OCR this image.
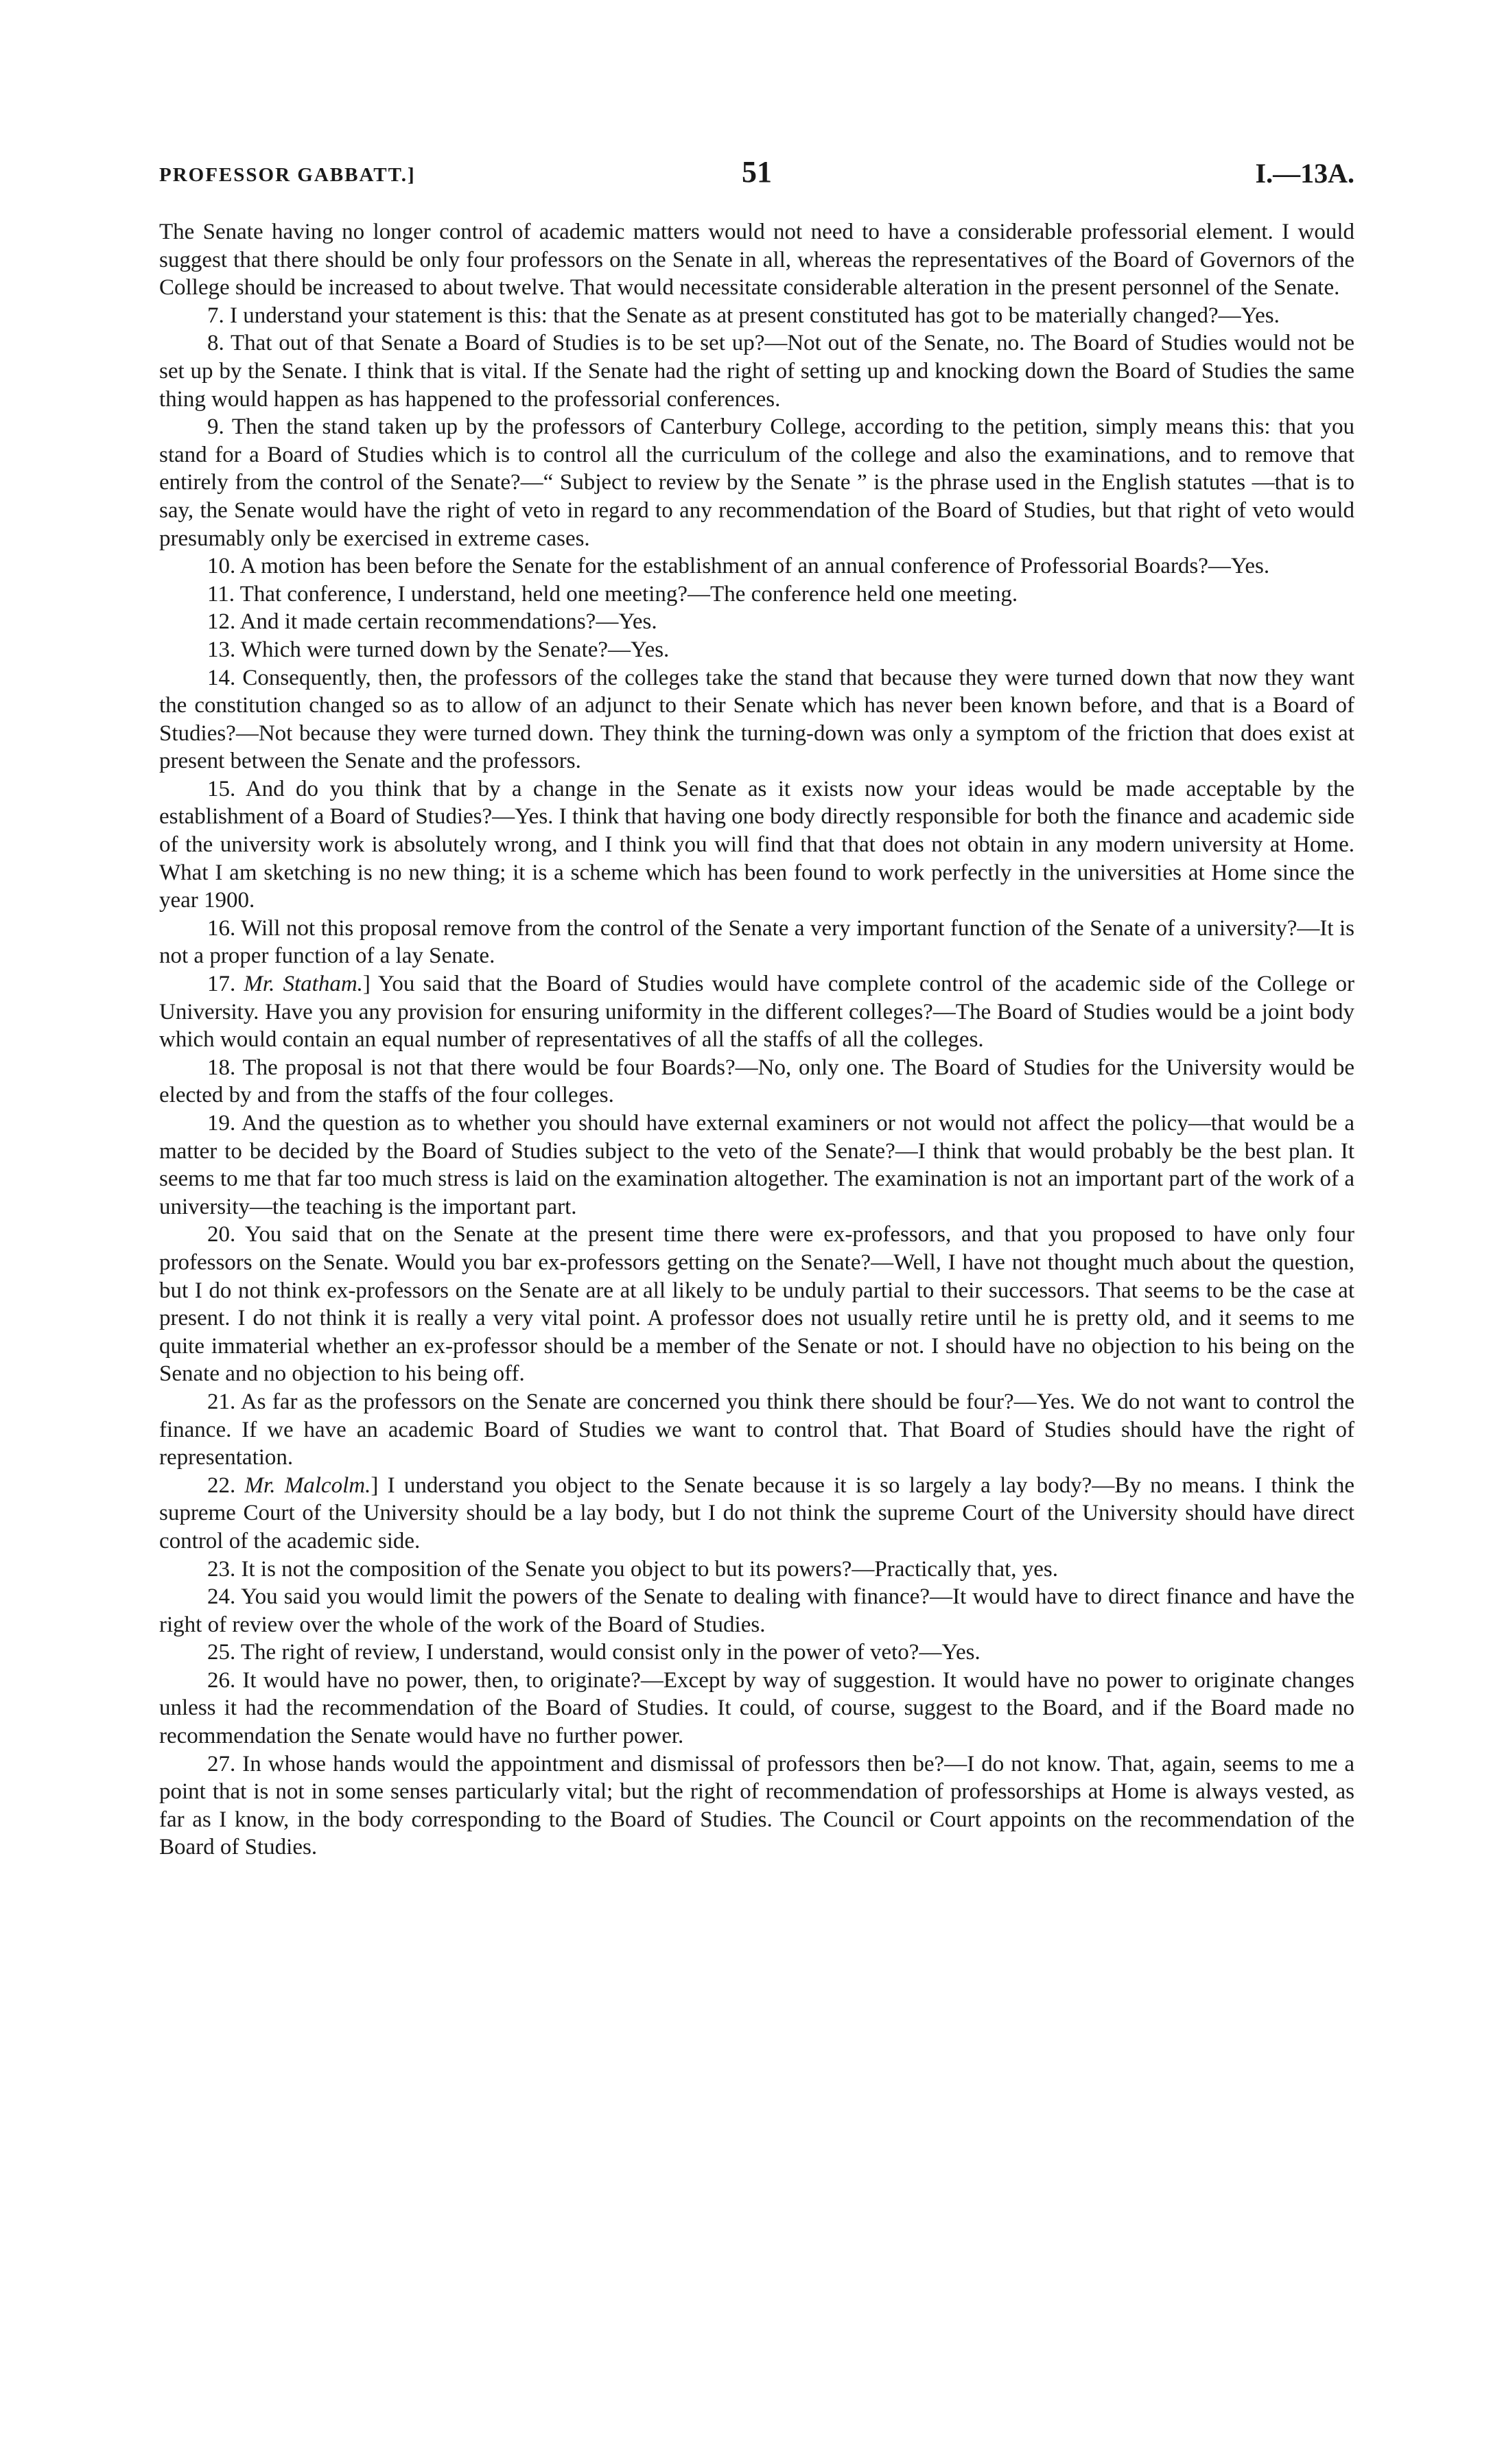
PROFESSOR GABBATT.]	51	I.—13A.

The Senate having no longer control of academic matters would not need to have a considerable professorial element. I would suggest that there should be only four professors on the Senate in all, whereas the representatives of the Board of Governors of the College should be increased to about twelve. That would necessitate considerable alteration in the present personnel of the Senate.

7. I understand your statement is this: that the Senate as at present constituted has got to be materially changed?—Yes.

8. That out of that Senate a Board of Studies is to be set up?—Not out of the Senate, no. The Board of Studies would not be set up by the Senate. I think that is vital. If the Senate had the right of setting up and knocking down the Board of Studies the same thing would happen as has happened to the professorial conferences.

9. Then the stand taken up by the professors of Canterbury College, according to the petition, simply means this: that you stand for a Board of Studies which is to control all the curriculum of the college and also the examinations, and to remove that entirely from the control of the Senate?—“ Subject to review by the Senate ” is the phrase used in the English statutes —that is to say, the Senate would have the right of veto in regard to any recommendation of the Board of Studies, but that right of veto would presumably only be exercised in extreme cases.

10. A motion has been before the Senate for the establishment of an annual conference of Professorial Boards?—Yes.

11. That conference, I understand, held one meeting?—The conference held one meeting.

12. And it made certain recommendations?—Yes.

13. Which were turned down by the Senate?—Yes.

14. Consequently, then, the professors of the colleges take the stand that because they were turned down that now they want the constitution changed so as to allow of an adjunct to their Senate which has never been known before, and that is a Board of Studies?—Not because they were turned down. They think the turning-down was only a symptom of the friction that does exist at present between the Senate and the professors.

15. And do you think that by a change in the Senate as it exists now your ideas would be made acceptable by the establishment of a Board of Studies?—Yes. I think that having one body directly responsible for both the finance and academic side of the university work is absolutely wrong, and I think you will find that that does not obtain in any modern university at Home. What I am sketching is no new thing; it is a scheme which has been found to work perfectly in the universities at Home since the year 1900.

16. Will not this proposal remove from the control of the Senate a very important function of the Senate of a university?—It is not a proper function of a lay Senate.

17. Mr. Statham.] You said that the Board of Studies would have complete control of the academic side of the College or University. Have you any provision for ensuring uniformity in the different colleges?—The Board of Studies would be a joint body which would contain an equal number of representatives of all the staffs of all the colleges.

18. The proposal is not that there would be four Boards?—No, only one. The Board of Studies for the University would be elected by and from the staffs of the four colleges.

19. And the question as to whether you should have external examiners or not would not affect the policy—that would be a matter to be decided by the Board of Studies subject to the veto of the Senate?—I think that would probably be the best plan. It seems to me that far too much stress is laid on the examination altogether. The examination is not an important part of the work of a university—the teaching is the important part.

20. You said that on the Senate at the present time there were ex-professors, and that you proposed to have only four professors on the Senate. Would you bar ex-professors getting on the Senate?—Well, I have not thought much about the question, but I do not think ex-professors on the Senate are at all likely to be unduly partial to their successors. That seems to be the case at present. I do not think it is really a very vital point. A professor does not usually retire until he is pretty old, and it seems to me quite immaterial whether an ex-professor should be a member of the Senate or not. I should have no objection to his being on the Senate and no objection to his being off.

21. As far as the professors on the Senate are concerned you think there should be four?—Yes. We do not want to control the finance. If we have an academic Board of Studies we want to control that. That Board of Studies should have the right of representation.

22. Mr. Malcolm.] I understand you object to the Senate because it is so largely a lay body?—By no means. I think the supreme Court of the University should be a lay body, but I do not think the supreme Court of the University should have direct control of the academic side.

23. It is not the composition of the Senate you object to but its powers?—Practically that, yes.

24. You said you would limit the powers of the Senate to dealing with finance?—It would have to direct finance and have the right of review over the whole of the work of the Board of Studies.

25. The right of review, I understand, would consist only in the power of veto?—Yes.

26. It would have no power, then, to originate?—Except by way of suggestion. It would have no power to originate changes unless it had the recommendation of the Board of Studies. It could, of course, suggest to the Board, and if the Board made no recommendation the Senate would have no further power.

27. In whose hands would the appointment and dismissal of professors then be?—I do not know. That, again, seems to me a point that is not in some senses particularly vital; but the right of recommendation of professorships at Home is always vested, as far as I know, in the body corresponding to the Board of Studies. The Council or Court appoints on the recommendation of the Board of Studies.
